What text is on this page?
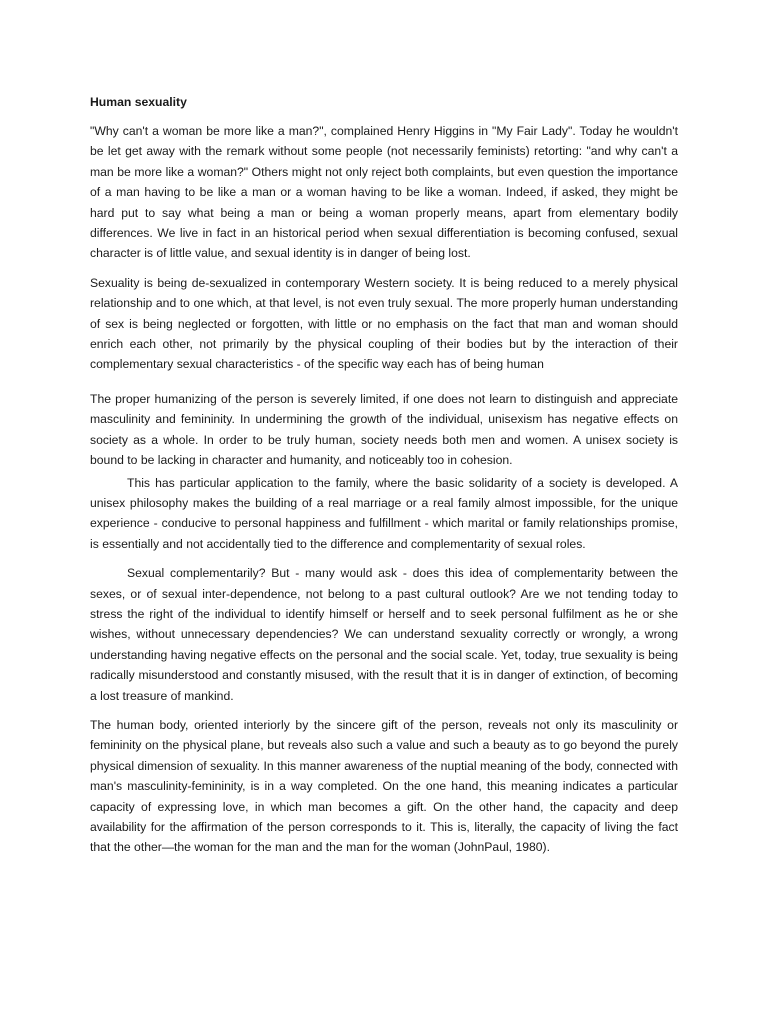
Human sexuality

"Why can't a woman be more like a man?", complained Henry Higgins in "My Fair Lady". Today he wouldn't be let get away with the remark without some people (not necessarily feminists) retorting: "and why can't a man be more like a woman?" Others might not only reject both complaints, but even question the importance of a man having to be like a man or a woman having to be like a woman. Indeed, if asked, they might be hard put to say what being a man or being a woman properly means, apart from elementary bodily differences. We live in fact in an historical period when sexual differentiation is becoming confused, sexual character is of little value, and sexual identity is in danger of being lost.

Sexuality is being de-sexualized in contemporary Western society. It is being reduced to a merely physical relationship and to one which, at that level, is not even truly sexual. The more properly human understanding of sex is being neglected or forgotten, with little or no emphasis on the fact that man and woman should enrich each other, not primarily by the physical coupling of their bodies but by the interaction of their complementary sexual characteristics - of the specific way each has of being human

The proper humanizing of the person is severely limited, if one does not learn to distinguish and appreciate masculinity and femininity. In undermining the growth of the individual, unisexism has negative effects on society as a whole. In order to be truly human, society needs both men and women. A unisex society is bound to be lacking in character and humanity, and noticeably too in cohesion.

This has particular application to the family, where the basic solidarity of a society is developed. A unisex philosophy makes the building of a real marriage or a real family almost impossible, for the unique experience - conducive to personal happiness and fulfillment - which marital or family relationships promise, is essentially and not accidentally tied to the difference and complementarity of sexual roles.

Sexual complementarily? But - many would ask - does this idea of complementarity between the sexes, or of sexual inter-dependence, not belong to a past cultural outlook? Are we not tending today to stress the right of the individual to identify himself or herself and to seek personal fulfilment as he or she wishes, without unnecessary dependencies? We can understand sexuality correctly or wrongly, a wrong understanding having negative effects on the personal and the social scale. Yet, today, true sexuality is being radically misunderstood and constantly misused, with the result that it is in danger of extinction, of becoming a lost treasure of mankind.

The human body, oriented interiorly by the sincere gift of the person, reveals not only its masculinity or femininity on the physical plane, but reveals also such a value and such a beauty as to go beyond the purely physical dimension of sexuality. In this manner awareness of the nuptial meaning of the body, connected with man's masculinity-femininity, is in a way completed. On the one hand, this meaning indicates a particular capacity of expressing love, in which man becomes a gift. On the other hand, the capacity and deep availability for the affirmation of the person corresponds to it. This is, literally, the capacity of living the fact that the other—the woman for the man and the man for the woman (JohnPaul, 1980).
